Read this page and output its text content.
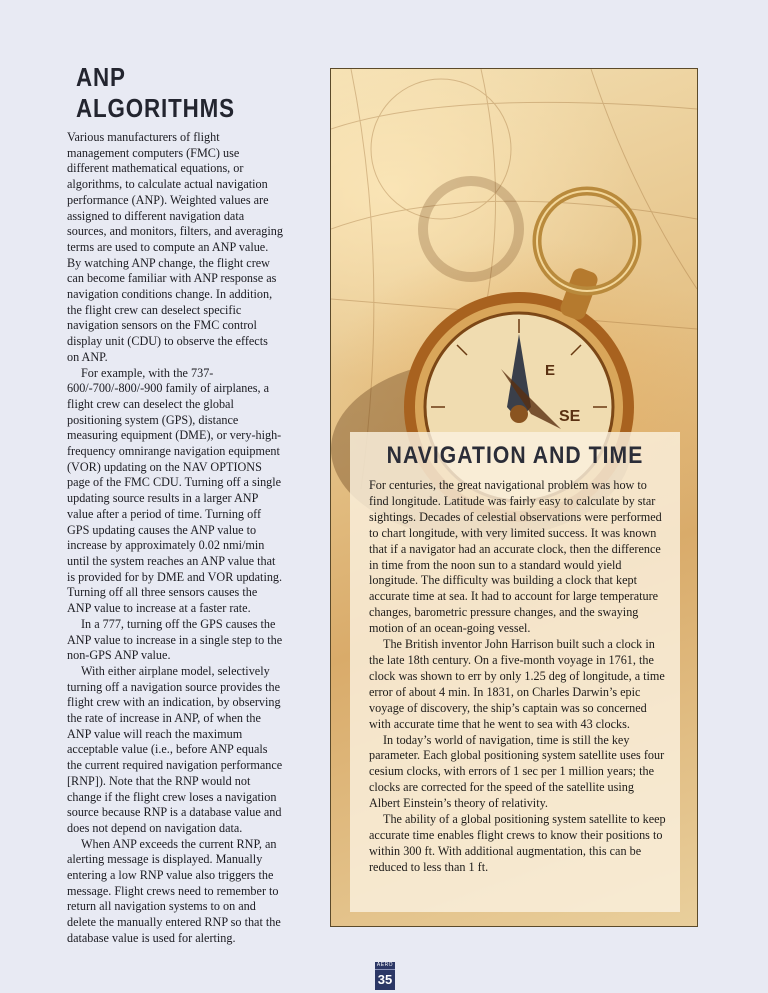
ANP ALGORITHMS

Various manufacturers of flight management computers (FMC) use different mathematical equations, or algorithms, to calculate actual navigation performance (ANP). Weighted values are assigned to different navigation data sources, and monitors, filters, and averaging terms are used to compute an ANP value. By watching ANP change, the flight crew can become familiar with ANP response as navigation conditions change. In addition, the flight crew can deselect specific navigation sensors on the FMC control display unit (CDU) to observe the effects on ANP.

For example, with the 737-600/-700/-800/-900 family of airplanes, a flight crew can deselect the global positioning system (GPS), distance measuring equipment (DME), or very-high-frequency omnirange navigation equipment (VOR) updating on the NAV OPTIONS page of the FMC CDU. Turning off a single updating source results in a larger ANP value after a period of time. Turning off GPS updating causes the ANP value to increase by approximately 0.02 nmi/min until the system reaches an ANP value that is provided for by DME and VOR updating. Turning off all three sensors causes the ANP value to increase at a faster rate.

In a 777, turning off the GPS causes the ANP value to increase in a single step to the non-GPS ANP value.

With either airplane model, selectively turning off a navigation source provides the flight crew with an indication, by observing the rate of increase in ANP, of when the ANP value will reach the maximum acceptable value (i.e., before ANP equals the current required navigation performance [RNP]). Note that the RNP would not change if the flight crew loses a navigation source because RNP is a database value and does not depend on navigation data.

When ANP exceeds the current RNP, an alerting message is displayed. Manually entering a low RNP value also triggers the message. Flight crews need to remember to return all navigation systems to on and delete the manually entered RNP so that the database value is used for alerting.

SE
E
NAVIGATION AND TIME

For centuries, the great navigational problem was how to find longitude. Latitude was fairly easy to calculate by star sightings. Decades of celestial observations were performed to chart longitude, with very limited success. It was known that if a navigator had an accurate clock, then the difference in time from the noon sun to a standard would yield longitude. The difficulty was building a clock that kept accurate time at sea. It had to account for large temperature changes, barometric pressure changes, and the swaying motion of an ocean-going vessel.

The British inventor John Harrison built such a clock in the late 18th century. On a five-month voyage in 1761, the clock was shown to err by only 1.25 deg of longitude, a time error of about 4 min. In 1831, on Charles Darwin’s epic voyage of discovery, the ship’s captain was so concerned with accurate time that he went to sea with 43 clocks.

In today’s world of navigation, time is still the key parameter. Each global positioning system satellite uses four cesium clocks, with errors of 1 sec per 1 million years; the clocks are corrected for the speed of the satellite using Albert Einstein’s theory of relativity.

The ability of a global positioning system satellite to keep accurate time enables flight crews to know their positions to within 300 ft. With additional augmentation, this can be reduced to less than 1 ft.

AERO
35
